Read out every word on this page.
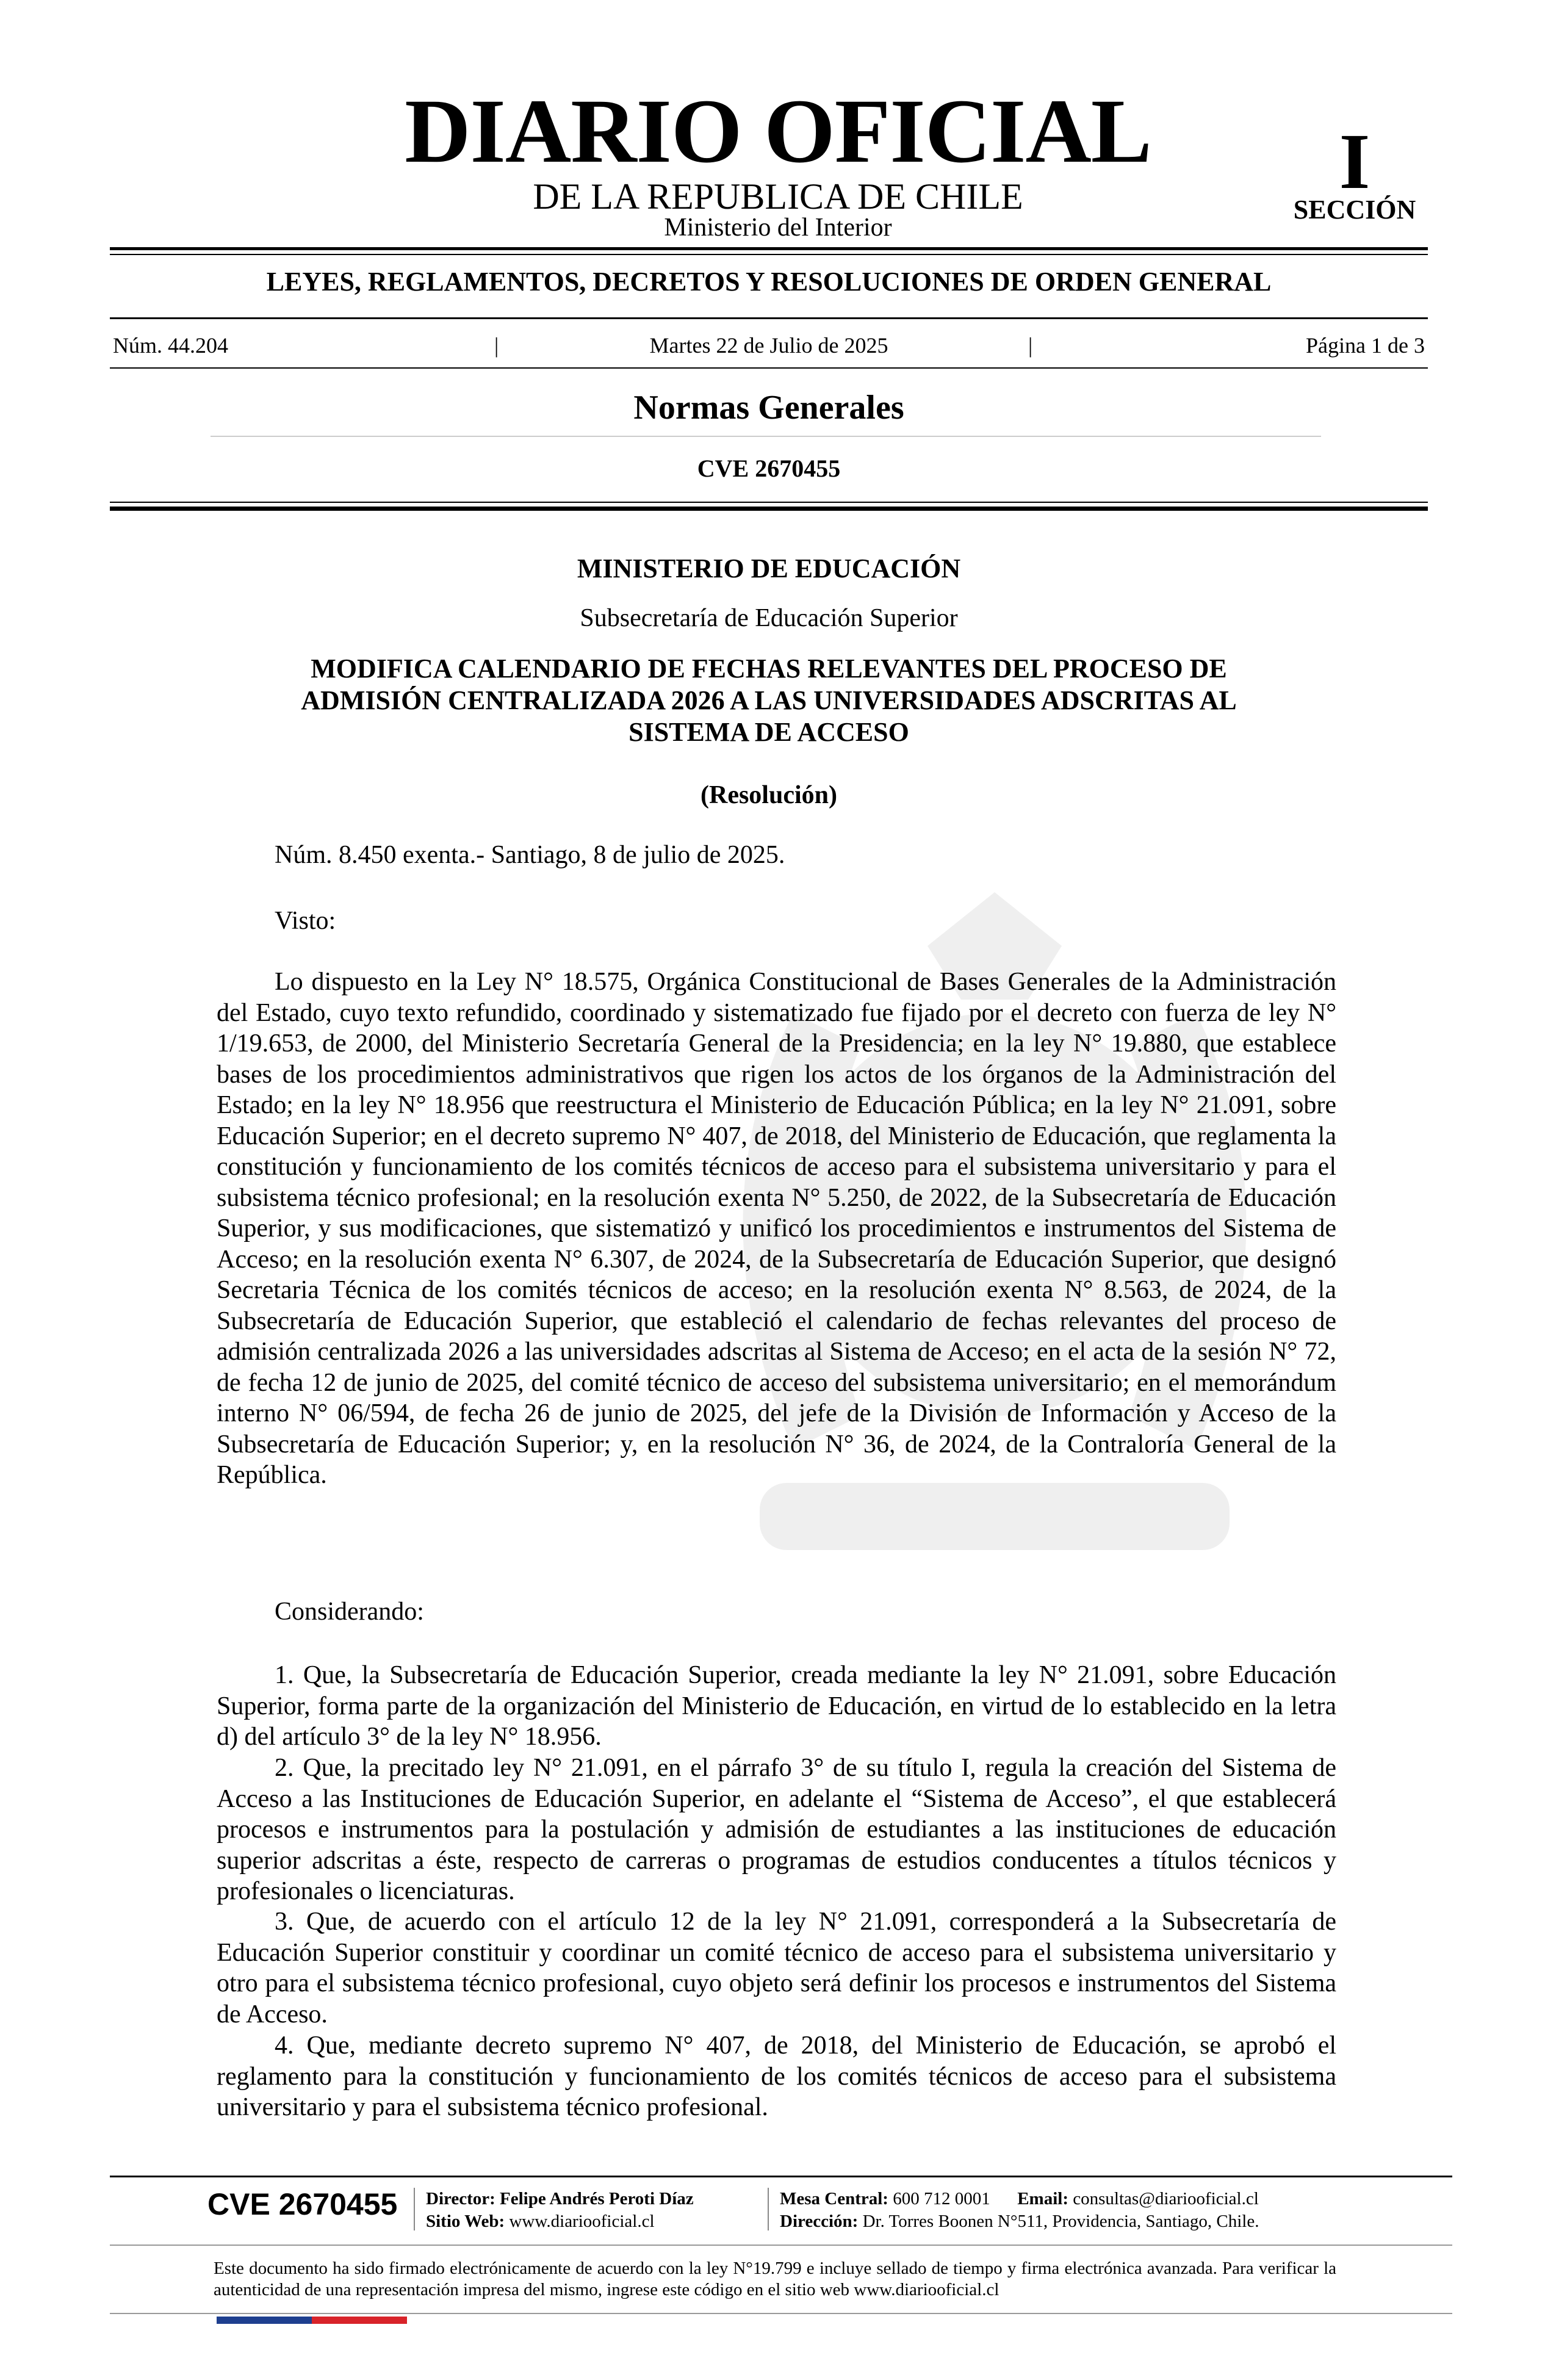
DIARIO OFICIAL
DE LA REPUBLICA DE CHILE
Ministerio del Interior
I
SECCIÓN
LEYES, REGLAMENTOS, DECRETOS Y RESOLUCIONES DE ORDEN GENERAL
Núm. 44.204	|	Martes 22 de Julio de 2025	|	Página 1 de 3
Normas Generales
CVE 2670455
MINISTERIO DE EDUCACIÓN
Subsecretaría de Educación Superior
MODIFICA CALENDARIO DE FECHAS RELEVANTES DEL PROCESO DE ADMISIÓN CENTRALIZADA 2026 A LAS UNIVERSIDADES ADSCRITAS AL SISTEMA DE ACCESO
(Resolución)
Núm. 8.450 exenta.- Santiago, 8 de julio de 2025.
Visto:
Lo dispuesto en la Ley N° 18.575, Orgánica Constitucional de Bases Generales de la Administración del Estado, cuyo texto refundido, coordinado y sistematizado fue fijado por el decreto con fuerza de ley N° 1/19.653, de 2000, del Ministerio Secretaría General de la Presidencia; en la ley N° 19.880, que establece bases de los procedimientos administrativos que rigen los actos de los órganos de la Administración del Estado; en la ley N° 18.956 que reestructura el Ministerio de Educación Pública; en la ley N° 21.091, sobre Educación Superior; en el decreto supremo N° 407, de 2018, del Ministerio de Educación, que reglamenta la constitución y funcionamiento de los comités técnicos de acceso para el subsistema universitario y para el subsistema técnico profesional; en la resolución exenta N° 5.250, de 2022, de la Subsecretaría de Educación Superior, y sus modificaciones, que sistematizó y unificó los procedimientos e instrumentos del Sistema de Acceso; en la resolución exenta N° 6.307, de 2024, de la Subsecretaría de Educación Superior, que designó Secretaria Técnica de los comités técnicos de acceso; en la resolución exenta N° 8.563, de 2024, de la Subsecretaría de Educación Superior, que estableció el calendario de fechas relevantes del proceso de admisión centralizada 2026 a las universidades adscritas al Sistema de Acceso; en el acta de la sesión N° 72, de fecha 12 de junio de 2025, del comité técnico de acceso del subsistema universitario; en el memorándum interno N° 06/594, de fecha 26 de junio de 2025, del jefe de la División de Información y Acceso de la Subsecretaría de Educación Superior; y, en la resolución N° 36, de 2024, de la Contraloría General de la República.
Considerando:
1. Que, la Subsecretaría de Educación Superior, creada mediante la ley N° 21.091, sobre Educación Superior, forma parte de la organización del Ministerio de Educación, en virtud de lo establecido en la letra d) del artículo 3° de la ley N° 18.956.
2. Que, la precitado ley N° 21.091, en el párrafo 3° de su título I, regula la creación del Sistema de Acceso a las Instituciones de Educación Superior, en adelante el “Sistema de Acceso”, el que establecerá procesos e instrumentos para la postulación y admisión de estudiantes a las instituciones de educación superior adscritas a éste, respecto de carreras o programas de estudios conducentes a títulos técnicos y profesionales o licenciaturas.
3. Que, de acuerdo con el artículo 12 de la ley N° 21.091, corresponderá a la Subsecretaría de Educación Superior constituir y coordinar un comité técnico de acceso para el subsistema universitario y otro para el subsistema técnico profesional, cuyo objeto será definir los procesos e instrumentos del Sistema de Acceso.
4. Que, mediante decreto supremo N° 407, de 2018, del Ministerio de Educación, se aprobó el reglamento para la constitución y funcionamiento de los comités técnicos de acceso para el subsistema universitario y para el subsistema técnico profesional.
CVE 2670455 Director: Felipe Andrés Peroti Díaz
Sitio Web: www.diariooficial.cl
Mesa Central: 600 712 0001 Email: consultas@diariooficial.cl
Dirección: Dr. Torres Boonen N°511, Providencia, Santiago, Chile.
Este documento ha sido firmado electrónicamente de acuerdo con la ley N°19.799 e incluye sellado de tiempo y firma electrónica avanzada. Para verificar la autenticidad de una representación impresa del mismo, ingrese este código en el sitio web www.diariooficial.cl
